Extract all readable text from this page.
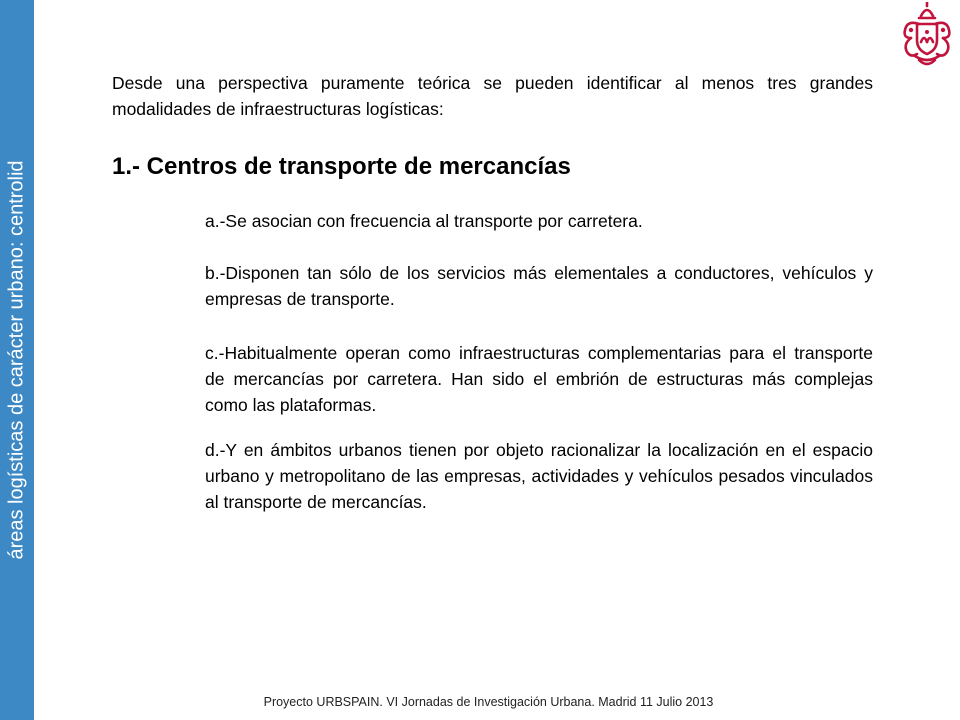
áreas logísticas de carácter urbano: centrolid
Desde una perspectiva puramente teórica se pueden identificar al menos tres grandes modalidades de infraestructuras logísticas:
1.- Centros de transporte de mercancías
a.-Se asocian con frecuencia al transporte por carretera.
b.-Disponen tan sólo de los servicios más elementales a conductores, vehículos y empresas de transporte.
c.-Habitualmente operan como infraestructuras complementarias para el transporte de mercancías por carretera. Han sido el embrión de estructuras más complejas como las plataformas.
d.-Y en ámbitos urbanos tienen por objeto racionalizar la localización en el espacio urbano y metropolitano de las empresas, actividades y vehículos pesados vinculados al transporte de mercancías.
Proyecto URBSPAIN. VI Jornadas de Investigación Urbana. Madrid 11 Julio 2013
